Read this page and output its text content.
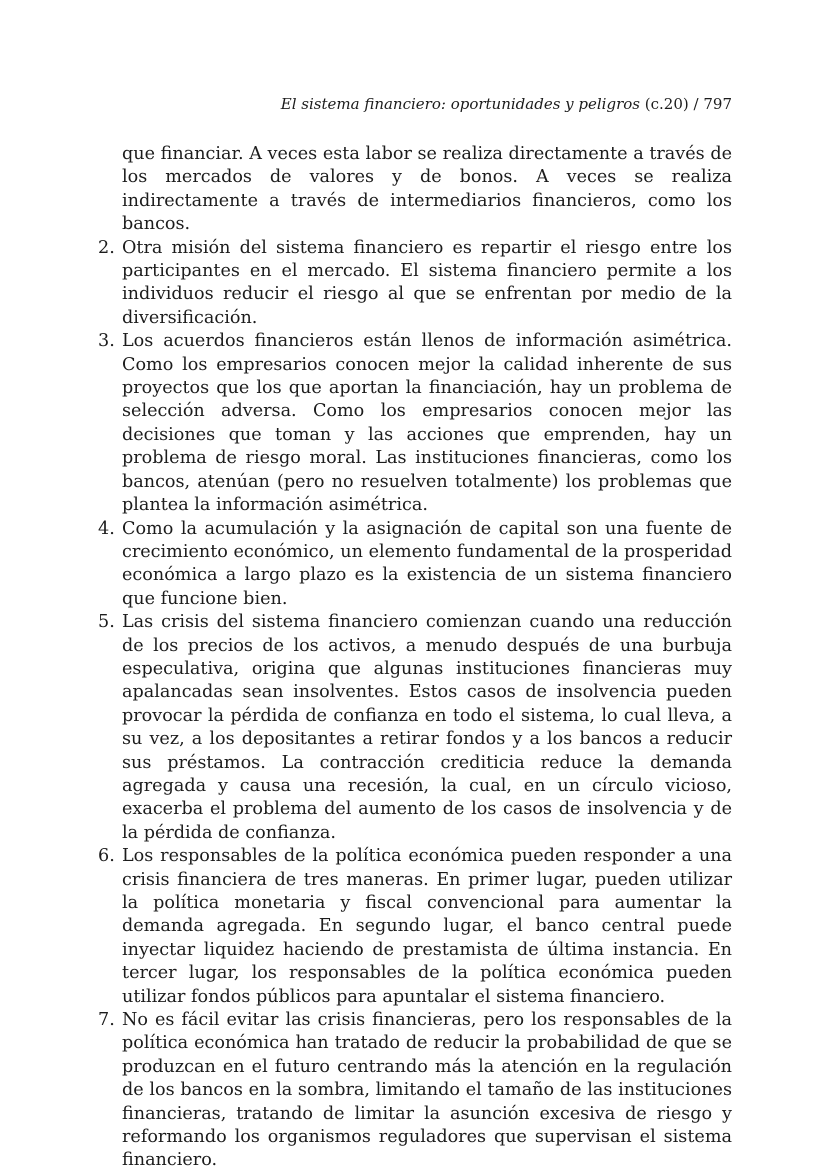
El sistema financiero: oportunidades y peligros (c.20) / 797

que financiar. A veces esta labor se realiza directamente a través de los mercados de valores y de bonos. A veces se realiza indirectamente a través de intermediarios financieros, como los bancos.

2. Otra misión del sistema financiero es repartir el riesgo entre los participantes en el mercado. El sistema financiero permite a los individuos reducir el riesgo al que se enfrentan por medio de la diversificación.
3. Los acuerdos financieros están llenos de información asimétrica. Como los empresarios conocen mejor la calidad inherente de sus proyectos que los que aportan la financiación, hay un problema de selección adversa. Como los empresarios conocen mejor las decisiones que toman y las acciones que emprenden, hay un problema de riesgo moral. Las instituciones financieras, como los bancos, atenúan (pero no resuelven totalmente) los problemas que plantea la información asimétrica.
4. Como la acumulación y la asignación de capital son una fuente de crecimiento económico, un elemento fundamental de la prosperidad económica a largo plazo es la existencia de un sistema financiero que funcione bien.
5. Las crisis del sistema financiero comienzan cuando una reducción de los precios de los activos, a menudo después de una burbuja especulativa, origina que algunas instituciones financieras muy apalancadas sean insolventes. Estos casos de insolvencia pueden provocar la pérdida de confianza en todo el sistema, lo cual lleva, a su vez, a los depositantes a retirar fondos y a los bancos a reducir sus préstamos. La contracción crediticia reduce la demanda agregada y causa una recesión, la cual, en un círculo vicioso, exacerba el problema del aumento de los casos de insolvencia y de la pérdida de confianza.
6. Los responsables de la política económica pueden responder a una crisis financiera de tres maneras. En primer lugar, pueden utilizar la política monetaria y fiscal convencional para aumentar la demanda agregada. En segundo lugar, el banco central puede inyectar liquidez haciendo de prestamista de última instancia. En tercer lugar, los responsables de la política económica pueden utilizar fondos públicos para apuntalar el sistema financiero.
7. No es fácil evitar las crisis financieras, pero los responsables de la política económica han tratado de reducir la probabilidad de que se produzcan en el futuro centrando más la atención en la regulación de los bancos en la sombra, limitando el tamaño de las instituciones financieras, tratando de limitar la asunción excesiva de riesgo y reformando los organismos reguladores que supervisan el sistema financiero.
